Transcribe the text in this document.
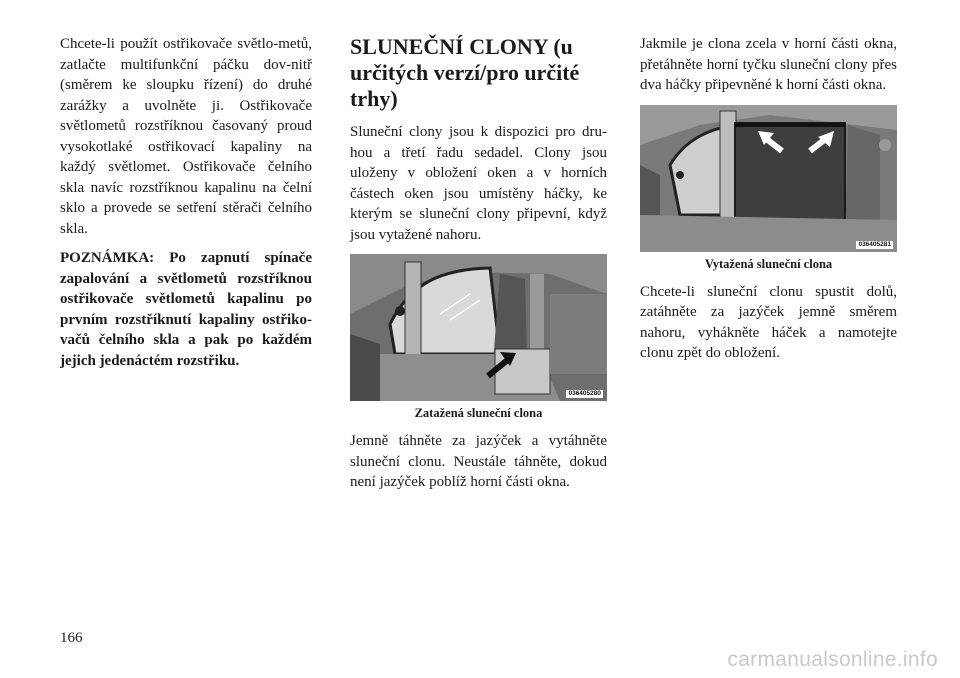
Chcete-li použít ostřikovače světlo-metů, zatlačte multifunkční páčku dov-nitř (směrem ke sloupku řízení) do druhé zarážky a uvolněte ji. Ostřikovače světlometů rozstříknou časovaný proud vysokotlaké ostřikovací kapaliny na každý světlomet. Ostřikovače čelního skla navíc rozstříknou kapalinu na čelní sklo a provede se setření stěrači čelního skla.

POZNÁMKA: Po zapnutí spínače zapalování a světlometů rozstříknou ostřikovače světlometů kapalinu po prvním rozstříknutí kapaliny ostřiko-vačů čelního skla a pak po každém jejich jedenáctém rozstřiku.

SLUNEČNÍ CLONY (u určitých verzí/pro určité trhy)

Sluneční clony jsou k dispozici pro dru-hou a třetí řadu sedadel. Clony jsou uloženy v obložení oken a v horních částech oken jsou umístěny háčky, ke kterým se sluneční clony připevní, když jsou vytažené nahoru.

036405280
Zatažená sluneční clona

Jemně táhněte za jazýček a vytáhněte sluneční clonu. Neustále táhněte, dokud není jazýček poblíž horní části okna.

Jakmile je clona zcela v horní části okna, přetáhněte horní tyčku sluneční clony přes dva háčky připevněné k horní části okna.

036405281
Vytažená sluneční clona

Chcete-li sluneční clonu spustit dolů, zatáhněte za jazýček jemně směrem nahoru, vyhákněte háček a namotejte clonu zpět do obložení.

166
carmanualsonline.info
